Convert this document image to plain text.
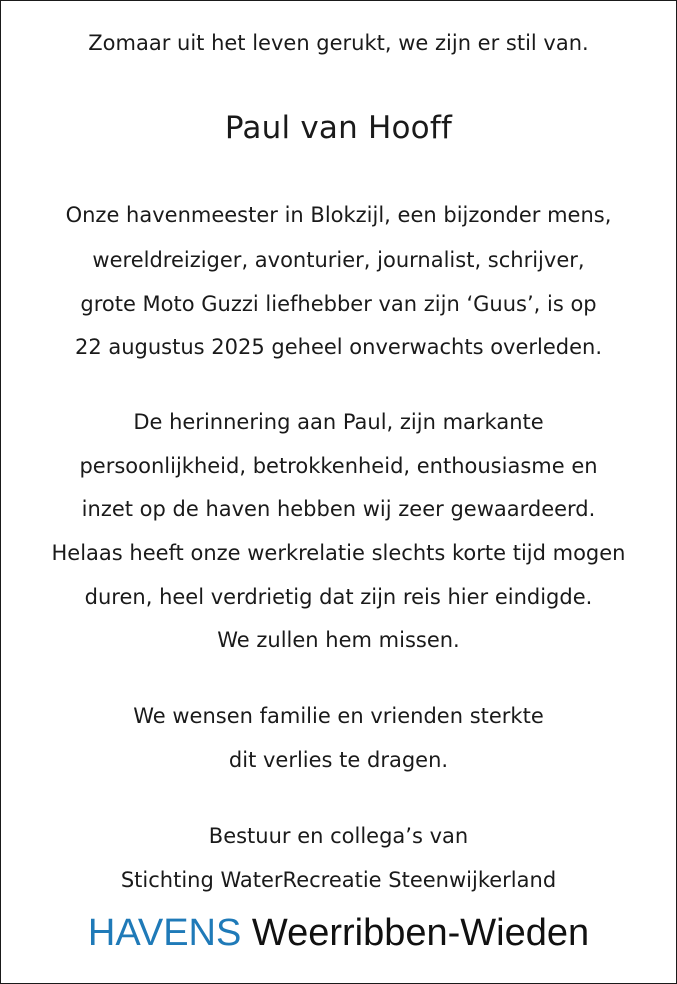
Zomaar uit het leven gerukt, we zijn er stil van.
Paul van Hooff
Onze havenmeester in Blokzijl, een bijzonder mens,
wereldreiziger, avonturier, journalist, schrijver,
grote Moto Guzzi liefhebber van zijn ‘Guus’, is op
22 augustus 2025 geheel onverwachts overleden.
De herinnering aan Paul, zijn markante
persoonlijkheid, betrokkenheid, enthousiasme en
inzet op de haven hebben wij zeer gewaardeerd.
Helaas heeft onze werkrelatie slechts korte tijd mogen
duren, heel verdrietig dat zijn reis hier eindigde.
We zullen hem missen.
We wensen familie en vrienden sterkte
dit verlies te dragen.
Bestuur en collega’s van
Stichting WaterRecreatie Steenwijkerland
HAVENS Weerribben-Wieden
